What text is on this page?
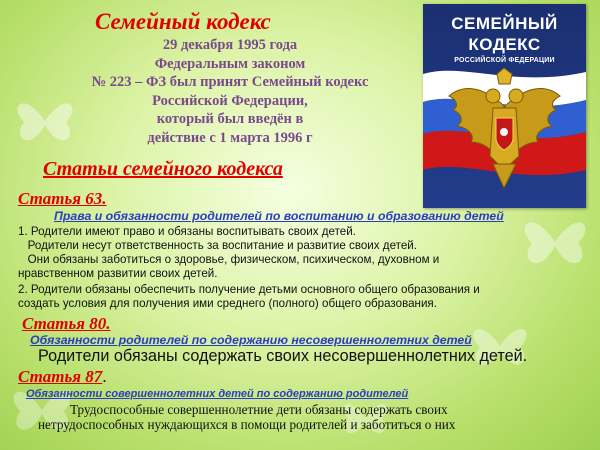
Семейный кодекс
29 декабря 1995 года
Федеральным законом
№ 223 – ФЗ был принят Семейный кодекс
Российской Федерации,
который был введён в
действие с 1 марта 1996 г
СЕМЕЙНЫЙ
КОДЕКС
РОССИЙСКОЙ ФЕДЕРАЦИИ
Статьи семейного кодекса
Статья 63.
Права и обязанности родителей по воспитанию и образованию детей
1. Родители имеют право и обязаны воспитывать своих детей.
Родители несут ответственность за воспитание и развитие своих детей.
Они обязаны заботиться о здоровье, физическом, психическом, духовном и
нравственном развитии своих детей.
2. Родители обязаны обеспечить получение детьми основного общего образования и
создать условия для получения ими среднего (полного) общего образования.
Статья 80.
Обязанности родителей по содержанию несовершеннолетних детей
Родители обязаны содержать своих несовершеннолетних детей.
Статья 87.
Обязанности совершеннолетних детей по содержанию родителей
Трудоспособные совершеннолетние дети обязаны содержать своих
нетрудоспособных нуждающихся в помощи родителей и заботиться о них
